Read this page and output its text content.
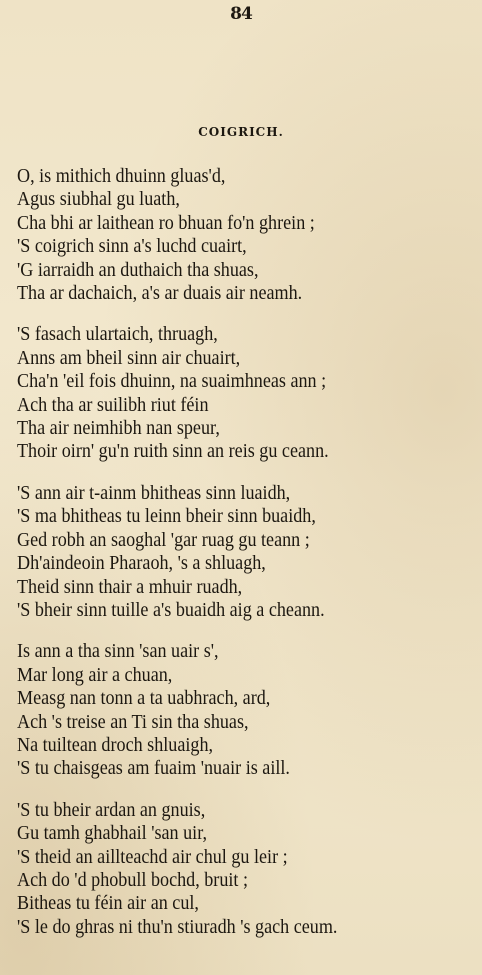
84
COIGRICH.
O, is mithich dhuinn gluas'd,
Agus siubhal gu luath,
Cha bhi ar laithean ro bhuan fo'n ghrein ;
'S coigrich sinn a's luchd cuairt,
'G iarraidh an duthaich tha shuas,
Tha ar dachaich, a's ar duais air neamh.
'S fasach ulartaich, thruagh,
Anns am bheil sinn air chuairt,
Cha'n 'eil fois dhuinn, na suaimhneas ann ;
Ach tha ar suilibh riut féin
Tha air neimhibh nan speur,
Thoir oirn' gu'n ruith sinn an reis gu ceann.
'S ann air t-ainm bhitheas sinn luaidh,
'S ma bhitheas tu leinn bheir sinn buaidh,
Ged robh an saoghal 'gar ruag gu teann ;
Dh'aindeoin Pharaoh, 's a shluagh,
Theid sinn thair a mhuir ruadh,
'S bheir sinn tuille a's buaidh aig a cheann.
Is ann a tha sinn 'san uair s',
Mar long air a chuan,
Measg nan tonn a ta uabhrach, ard,
Ach 's treise an Ti sin tha shuas,
Na tuiltean droch shluaigh,
'S tu chaisgeas am fuaim 'nuair is aill.
'S tu bheir ardan an gnuis,
Gu tamh ghabhail 'san uir,
'S theid an aillteachd air chul gu leir ;
Ach do 'd phobull bochd, bruit ;
Bitheas tu féin air an cul,
'S le do ghras ni thu'n stiuradh 's gach ceum.
